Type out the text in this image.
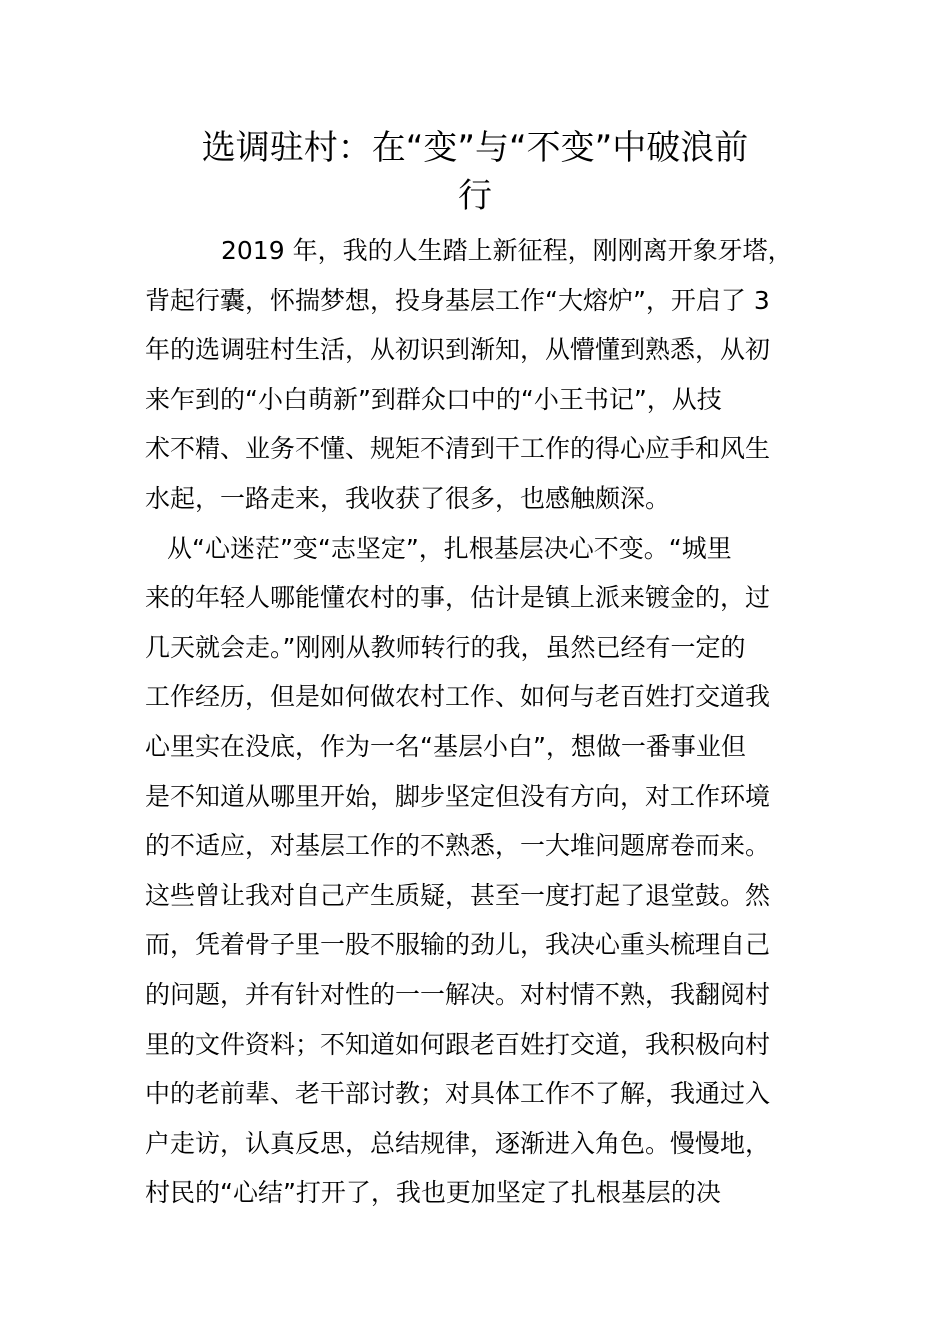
选调驻村：在“变”与“不变”中破浪前
行
2019 年，我的人生踏上新征程，刚刚离开象牙塔，
背起行囊，怀揣梦想，投身基层工作“大熔炉”，开启了 3
年的选调驻村生活，从初识到渐知，从懵懂到熟悉，从初
来乍到的“小白萌新”到群众口中的“小王书记”，从技
术不精、业务不懂、规矩不清到干工作的得心应手和风生
水起，一路走来，我收获了很多，也感触颇深。
从“心迷茫”变“志坚定”，扎根基层决心不变。“城里
来的年轻人哪能懂农村的事，估计是镇上派来镀金的，过
几天就会走。”刚刚从教师转行的我，虽然已经有一定的
工作经历，但是如何做农村工作、如何与老百姓打交道我
心里实在没底，作为一名“基层小白”，想做一番事业但
是不知道从哪里开始，脚步坚定但没有方向，对工作环境
的不适应，对基层工作的不熟悉，一大堆问题席卷而来。
这些曾让我对自己产生质疑，甚至一度打起了退堂鼓。然
而，凭着骨子里一股不服输的劲儿，我决心重头梳理自己
的问题，并有针对性的一一解决。对村情不熟，我翻阅村
里的文件资料；不知道如何跟老百姓打交道，我积极向村
中的老前辈、老干部讨教；对具体工作不了解，我通过入
户走访，认真反思，总结规律，逐渐进入角色。慢慢地，
村民的“心结”打开了，我也更加坚定了扎根基层的决
